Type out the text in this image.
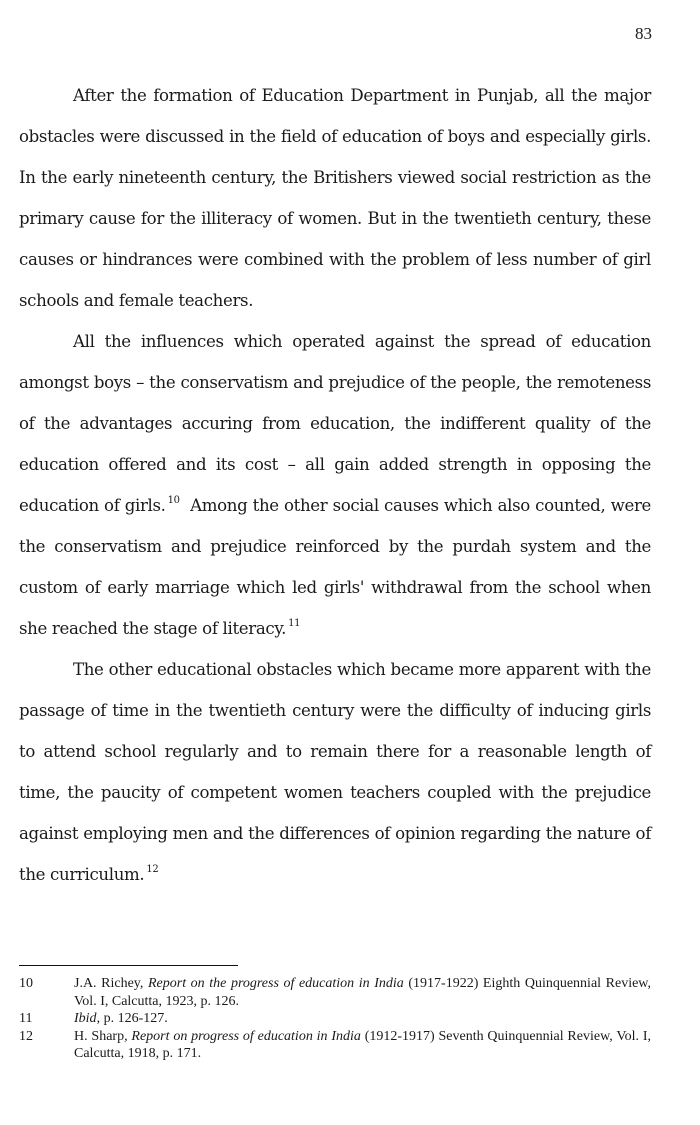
83

After the formation of Education Department in Punjab, all the major obstacles were discussed in the field of education of boys and especially girls. In the early nineteenth century, the Britishers viewed social restriction as the primary cause for the illiteracy of women. But in the twentieth century, these causes or hindrances were combined with the problem of less number of girl schools and female teachers.

All the influences which operated against the spread of education amongst boys – the conservatism and prejudice of the people, the remoteness of the advantages accuring from education, the indifferent quality of the education offered and its cost – all gain added strength in opposing the education of girls. $^{10}$  Among the other social causes which also counted, were the conservatism and prejudice reinforced by the purdah system and the custom of early marriage which led girls' withdrawal from the school when she reached the stage of literacy. $^{11}$

The other educational obstacles which became more apparent with the passage of time in the twentieth century were the difficulty of inducing girls to attend school regularly and to remain there for a reasonable length of time, the paucity of competent women teachers coupled with the prejudice against employing men and the differences of opinion regarding the nature of the curriculum. $^{12}$

10	J.A. Richey, Report on the progress of education in India (1917-1922) Eighth Quinquennial Review, Vol. I, Calcutta, 1923, p. 126.
11	Ibid, p. 126-127.
12	H. Sharp, Report on progress of education in India (1912-1917) Seventh Quinquennial Review, Vol. I, Calcutta, 1918, p. 171.
